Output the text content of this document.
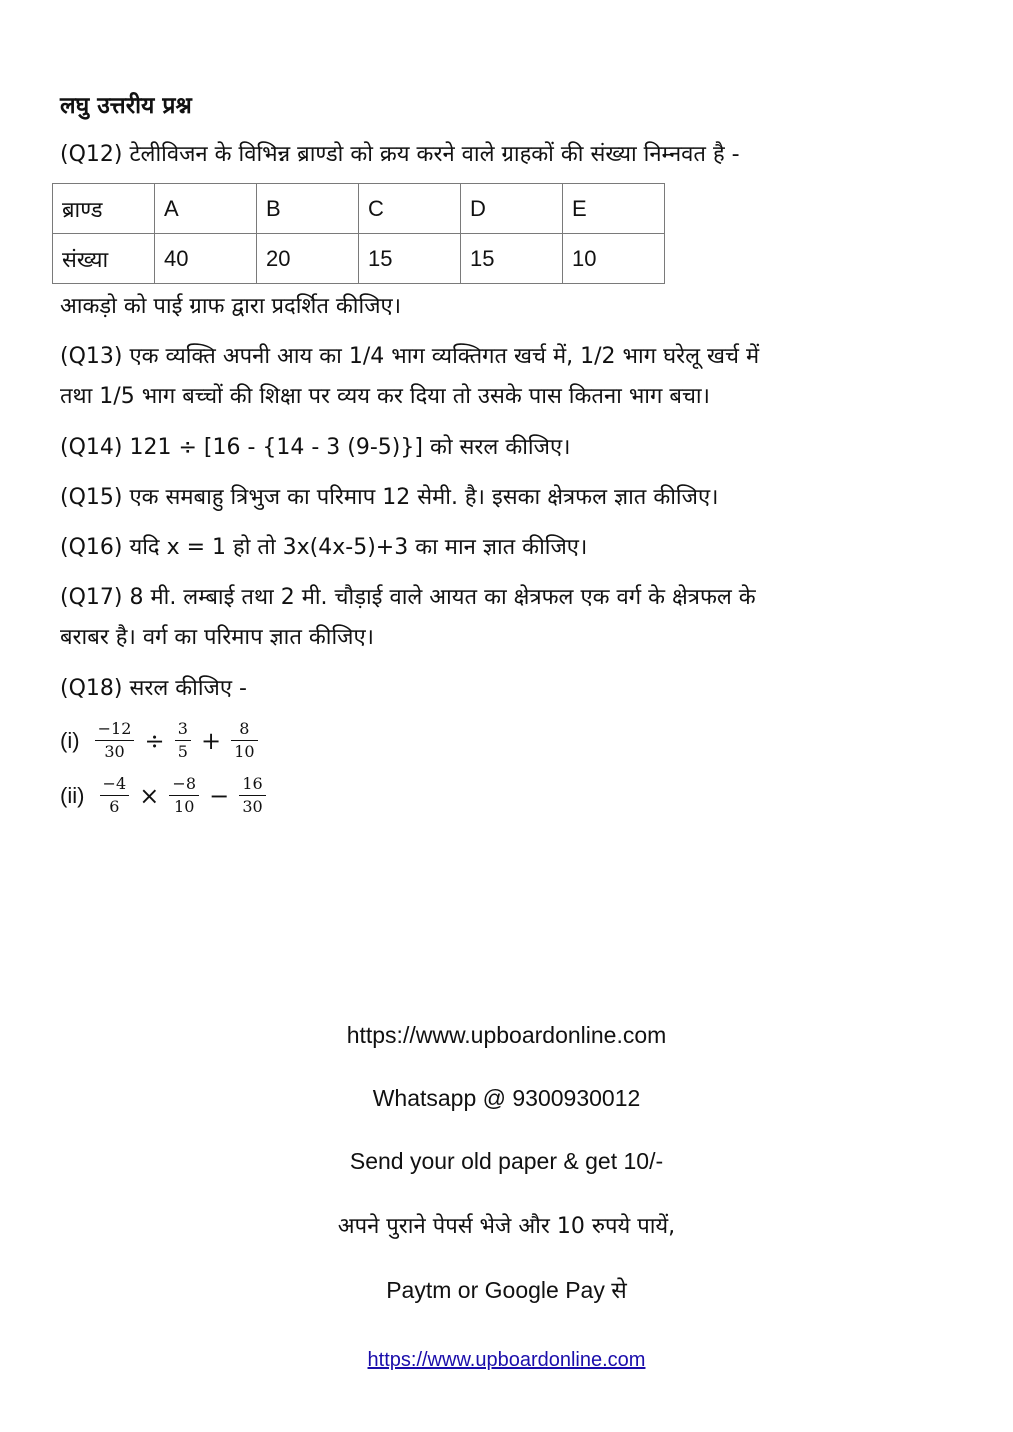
लघु उत्तरीय प्रश्न
(Q12) टेलीविजन के विभिन्न ब्राण्डो को क्रय करने वाले ग्राहकों की संख्या निम्नवत है -
ब्राण्ड	A	B	C	D	E
संख्या	40	20	15	15	10
आकड़ो को पाई ग्राफ द्वारा प्रदर्शित कीजिए।
(Q13) एक व्यक्ति अपनी आय का 1/4 भाग व्यक्तिगत खर्च में, 1/2 भाग घरेलू खर्च में
तथा 1/5 भाग बच्चों की शिक्षा पर व्यय कर दिया तो उसके पास कितना भाग बचा।
(Q14) 121 ÷ [16 - {14 - 3 (9-5)}] को सरल कीजिए।
(Q15) एक समबाहु त्रिभुज का परिमाप 12 सेमी. है। इसका क्षेत्रफल ज्ञात कीजिए।
(Q16) यदि x = 1 हो तो 3x(4x-5)+3 का मान ज्ञात कीजिए।
(Q17) 8 मी. लम्बाई तथा 2 मी. चौड़ाई वाले आयत का क्षेत्रफल एक वर्ग के क्षेत्रफल के
बराबर है। वर्ग का परिमाप ज्ञात कीजिए।
(Q18) सरल कीजिए -
$(i) \frac{-12}{30} \div \frac{3}{5} + \frac{8}{10}$
$(ii) \frac{-4}{6} \times \frac{-8}{10} - \frac{16}{30}$
https://www.upboardonline.com
Whatsapp @ 9300930012
Send your old paper & get 10/-
अपने पुराने पेपर्स भेजे और 10 रुपये पायें,
Paytm or Google Pay से
https://www.upboardonline.com
